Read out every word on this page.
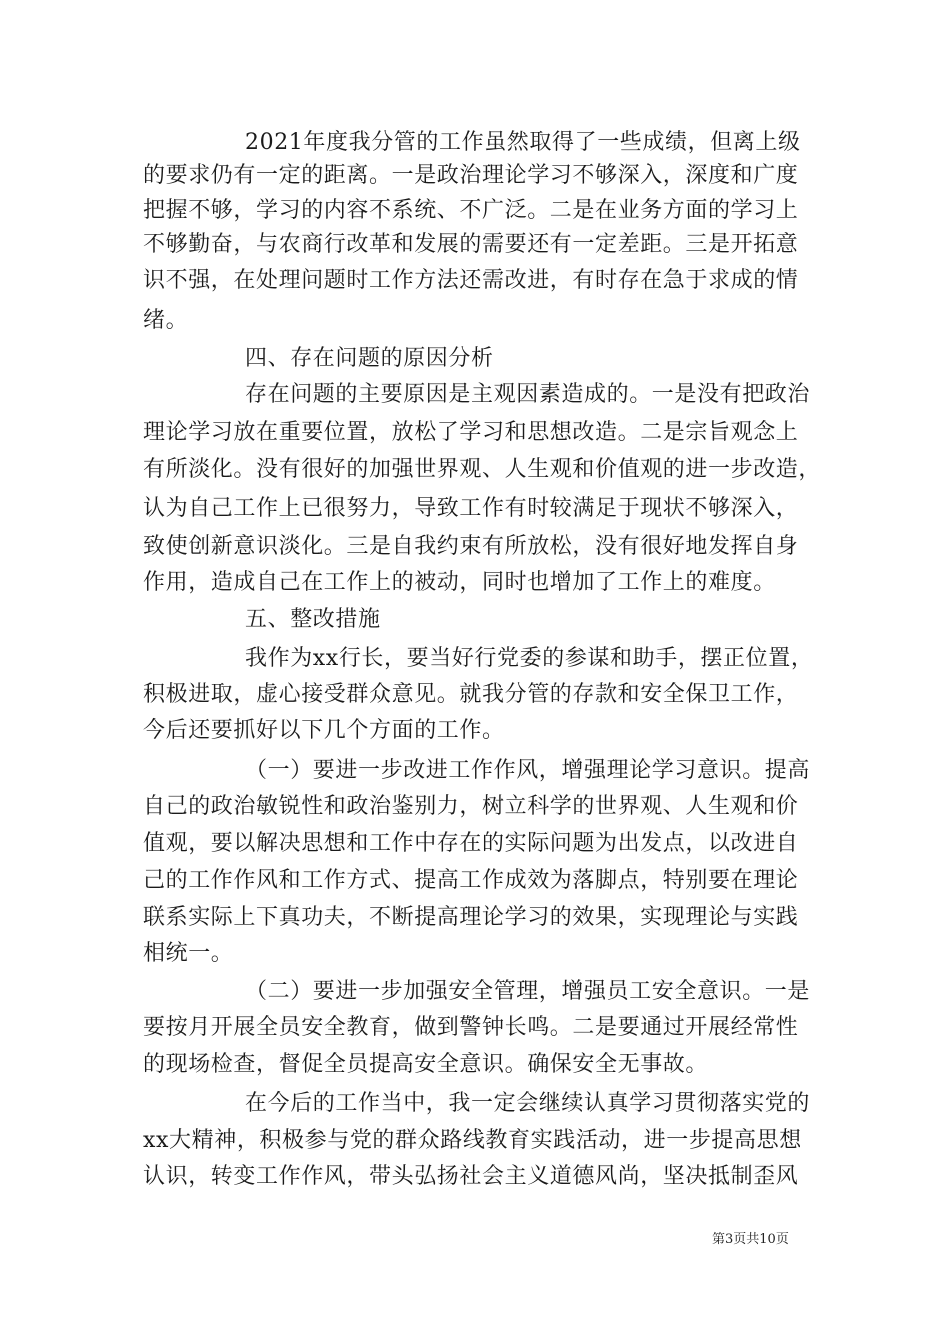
2021年度我分管的工作虽然取得了一些成绩，但离上级
的要求仍有一定的距离。一是政治理论学习不够深入，深度和广度
把握不够，学习的内容不系统、不广泛。二是在业务方面的学习上
不够勤奋，与农商行改革和发展的需要还有一定差距。三是开拓意
识不强，在处理问题时工作方法还需改进，有时存在急于求成的情
绪。
四、存在问题的原因分析
存在问题的主要原因是主观因素造成的。一是没有把政治
理论学习放在重要位置，放松了学习和思想改造。二是宗旨观念上
有所淡化。没有很好的加强世界观、人生观和价值观的进一步改造，
认为自己工作上已很努力，导致工作有时较满足于现状不够深入，
致使创新意识淡化。三是自我约束有所放松，没有很好地发挥自身
作用，造成自己在工作上的被动，同时也增加了工作上的难度。
五、整改措施
我作为xx行长，要当好行党委的参谋和助手，摆正位置，
积极进取，虚心接受群众意见。就我分管的存款和安全保卫工作，
今后还要抓好以下几个方面的工作。
（一）要进一步改进工作作风，增强理论学习意识。提高
自己的政治敏锐性和政治鉴别力，树立科学的世界观、人生观和价
值观，要以解决思想和工作中存在的实际问题为出发点，以改进自
己的工作作风和工作方式、提高工作成效为落脚点，特别要在理论
联系实际上下真功夫，不断提高理论学习的效果，实现理论与实践
相统一。
（二）要进一步加强安全管理，增强员工安全意识。一是
要按月开展全员安全教育，做到警钟长鸣。二是要通过开展经常性
的现场检查，督促全员提高安全意识。确保安全无事故。
在今后的工作当中，我一定会继续认真学习贯彻落实党的
xx大精神，积极参与党的群众路线教育实践活动，进一步提高思想
认识，转变工作作风，带头弘扬社会主义道德风尚，坚决抵制歪风
第3页共10页
